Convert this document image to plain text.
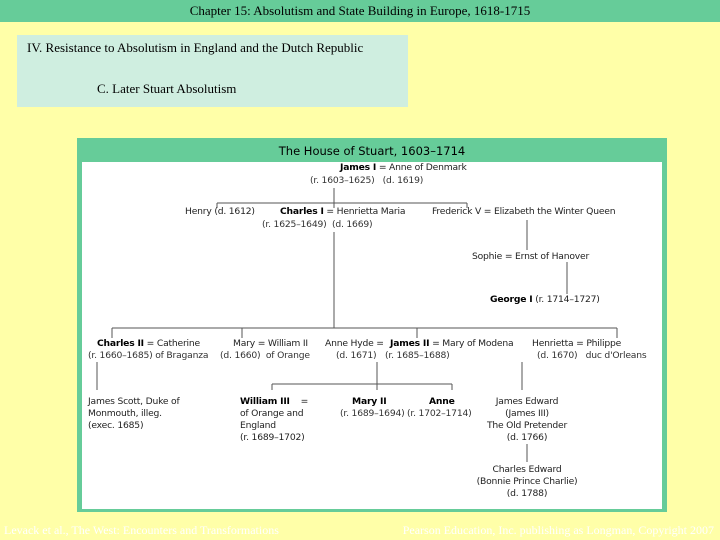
Chapter 15: Absolutism and State Building in Europe, 1618-1715
IV. Resistance to Absolutism in England and the Dutch Republic
C. Later Stuart Absolutism
The House of Stuart, 1603–1714
James I = Anne of Denmark
(r. 1603–1625) (d. 1619)
Henry (d. 1612)	Charles I = Henrietta Maria
(r. 1625–1649) (d. 1669)
Frederick V = Elizabeth the Winter Queen
Sophie = Ernst of Hanover
George I (r. 1714–1727)
Charles II = Catherine
(r. 1660–1685) of Braganza
Mary = William II
(d. 1660) of Orange
Anne Hyde =
(d. 1671)
James II = Mary of Modena
(r. 1685–1688)
Henrietta = Philippe
(d. 1670) duc d'Orleans
James Scott, Duke of
Monmouth, illeg.
(exec. 1685)
William III =
of Orange and
England
(r. 1689–1702)
Mary II
(r. 1689–1694)
Anne
(r. 1702–1714)
James Edward
(James III)
The Old Pretender
(d. 1766)
Charles Edward
(Bonnie Prince Charlie)
(d. 1788)
Levack et al., The West: Encounters and Transformations	Pearson Education, Inc. publishing as Longman, Copyright 2007
